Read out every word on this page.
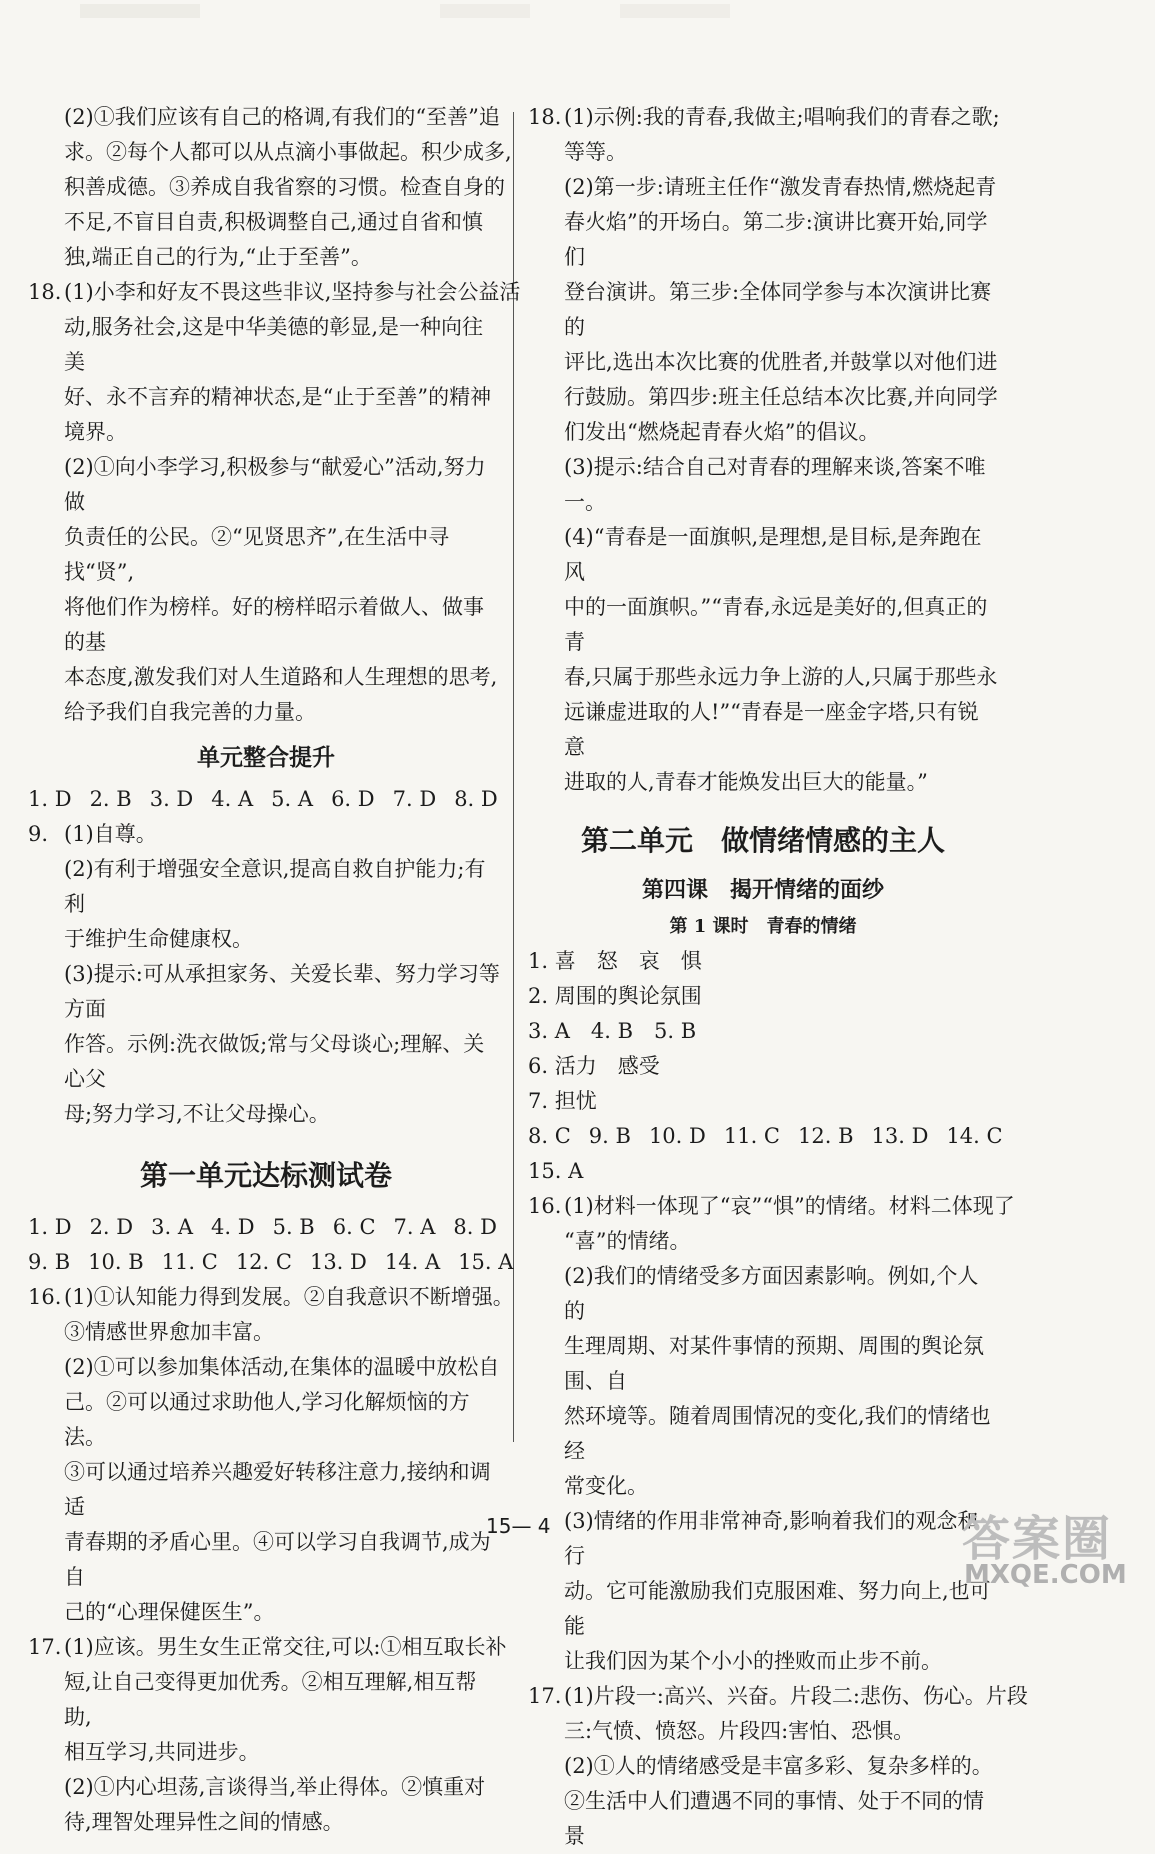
(2)①我们应该有自己的格调,有我们的“至善”追

求。②每个人都可以从点滴小事做起。积少成多,

积善成德。③养成自我省察的习惯。检查自身的

不足,不盲目自责,积极调整自己,通过自省和慎

独,端正自己的行为,“止于至善”。

18. (1)小李和好友不畏这些非议,坚持参与社会公益活

动,服务社会,这是中华美德的彰显,是一种向往美

好、永不言弃的精神状态,是“止于至善”的精神

境界。

(2)①向小李学习,积极参与“献爱心”活动,努力做

负责任的公民。②“见贤思齐”,在生活中寻找“贤”,

将他们作为榜样。好的榜样昭示着做人、做事的基

本态度,激发我们对人生道路和人生理想的思考,

给予我们自我完善的力量。

单元整合提升

1. D 2. B 3. D 4. A 5. A 6. D 7. D 8. D

9. (1)自尊。

(2)有利于增强安全意识,提高自救自护能力;有利

于维护生命健康权。

(3)提示:可从承担家务、关爱长辈、努力学习等方面

作答。示例:洗衣做饭;常与父母谈心;理解、关心父

母;努力学习,不让父母操心。

第一单元达标测试卷

1. D 2. D 3. A 4. D 5. B 6. C 7. A 8. D
9. B 10. B 11. C 12. C 13. D 14. A 15. A

16. (1)①认知能力得到发展。②自我意识不断增强。

③情感世界愈加丰富。

(2)①可以参加集体活动,在集体的温暖中放松自

己。②可以通过求助他人,学习化解烦恼的方法。

③可以通过培养兴趣爱好转移注意力,接纳和调适

青春期的矛盾心里。④可以学习自我调节,成为自

己的“心理保健医生”。

17. (1)应该。男生女生正常交往,可以:①相互取长补

短,让自己变得更加优秀。②相互理解,相互帮助,

相互学习,共同进步。

(2)①内心坦荡,言谈得当,举止得体。②慎重对

待,理智处理异性之间的情感。

18. (1)示例:我的青春,我做主;唱响我们的青春之歌;

等等。

(2)第一步:请班主任作“激发青春热情,燃烧起青

春火焰”的开场白。第二步:演讲比赛开始,同学们

登台演讲。第三步:全体同学参与本次演讲比赛的

评比,选出本次比赛的优胜者,并鼓掌以对他们进

行鼓励。第四步:班主任总结本次比赛,并向同学

们发出“燃烧起青春火焰”的倡议。

(3)提示:结合自己对青春的理解来谈,答案不唯一。

(4)“青春是一面旗帜,是理想,是目标,是奔跑在风

中的一面旗帜。”“青春,永远是美好的,但真正的青

春,只属于那些永远力争上游的人,只属于那些永

远谦虚进取的人!”“青春是一座金字塔,只有锐意

进取的人,青春才能焕发出巨大的能量。”

第二单元　做情绪情感的主人

第四课　揭开情绪的面纱

第 1 课时　青春的情绪

1. 喜　怒　哀　惧

2. 周围的舆论氛围

3. A　4. B　5. B

6. 活力　感受

7. 担忧

8. C 9. B 10. D 11. C 12. B 13. D 14. C

15. A

16. (1)材料一体现了“哀”“惧”的情绪。材料二体现了

“喜”的情绪。

(2)我们的情绪受多方面因素影响。例如,个人的

生理周期、对某件事情的预期、周围的舆论氛围、自

然环境等。随着周围情况的变化,我们的情绪也经

常变化。

(3)情绪的作用非常神奇,影响着我们的观念和行

动。它可能激励我们克服困难、努力向上,也可能

让我们因为某个小小的挫败而止步不前。

17. (1)片段一:高兴、兴奋。片段二:悲伤、伤心。片段

三:气愤、愤怒。片段四:害怕、恐惧。

(2)①人的情绪感受是丰富多彩、复杂多样的。

②生活中人们遭遇不同的事情、处于不同的情景

15— 4	答案圈
MXQE.COM
